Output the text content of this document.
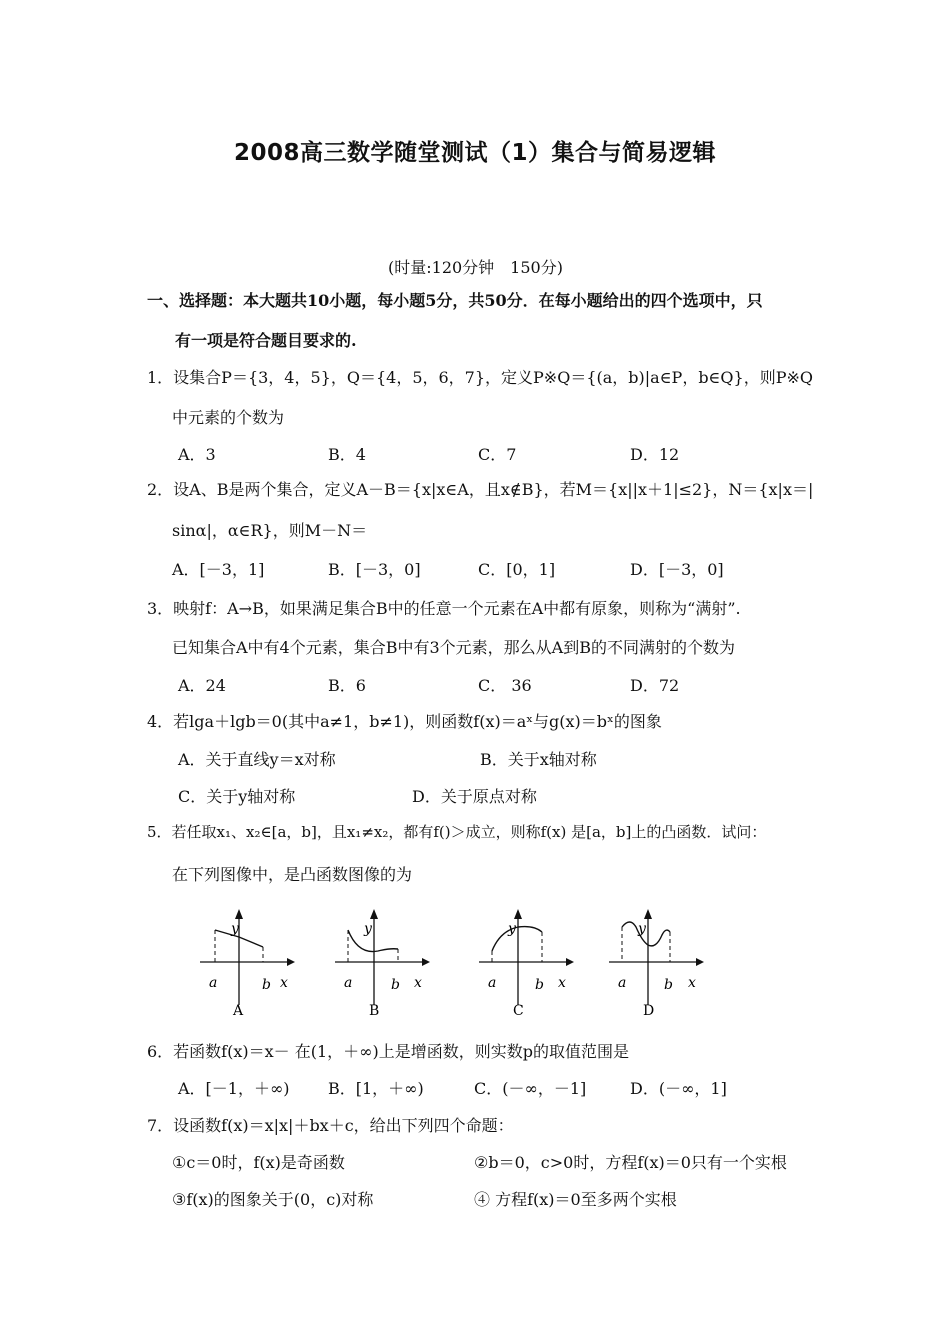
2008高三数学随堂测试（1）集合与简易逻辑
(时量:120分钟　150分)
一、选择题：本大题共10小题，每小题5分，共50分．在每小题给出的四个选项中，只
有一项是符合题目要求的.
1．设集合P＝{3，4，5}，Q＝{4，5，6，7}，定义P※Q＝{(a，b)|a∈P，b∈Q}，则P※Q
中元素的个数为
A．3	B．4	C．7	D．12
2．设A、B是两个集合，定义A－B＝{x|x∈A，且x∉B}，若M＝{x||x＋1|≤2}，N＝{x|x＝|
sinα|，α∈R}，则M－N＝
A．[－3，1]	B．[－3，0]	C．[0，1]	D．[－3，0]
3．映射f：A→B，如果满足集合B中的任意一个元素在A中都有原象，则称为“满射”.
已知集合A中有4个元素，集合B中有3个元素，那么从A到B的不同满射的个数为
A．24	B．6	C． 36	D．72
4．若lga＋lgb＝0(其中a≠1，b≠1)，则函数f(x)＝aˣ与g(x)＝bˣ的图象
A．关于直线y＝x对称	B．关于x轴对称
C．关于y轴对称	D．关于原点对称
5．若任取x₁、x₂∈[a，b]，且x₁≠x₂，都有f()＞成立，则称f(x) 是[a，b]上的凸函数．试问：
在下列图像中，是凸函数图像的为
y
x
a	b
A
y
x
a	b
B
y
x
a	b
C
y
x
a	b
D
6．若函数f(x)＝x－ 在(1，＋∞)上是增函数，则实数p的取值范围是
A．[－1，＋∞) B．[1，＋∞)	C．(－∞，－1]	D．(－∞，1]
7．设函数f(x)＝x|x|＋bx＋c，给出下列四个命题：
①c＝0时，f(x)是奇函数	②b＝0，c>0时，方程f(x)＝0只有一个实根
③f(x)的图象关于(0，c)对称	④ 方程f(x)＝0至多两个实根
